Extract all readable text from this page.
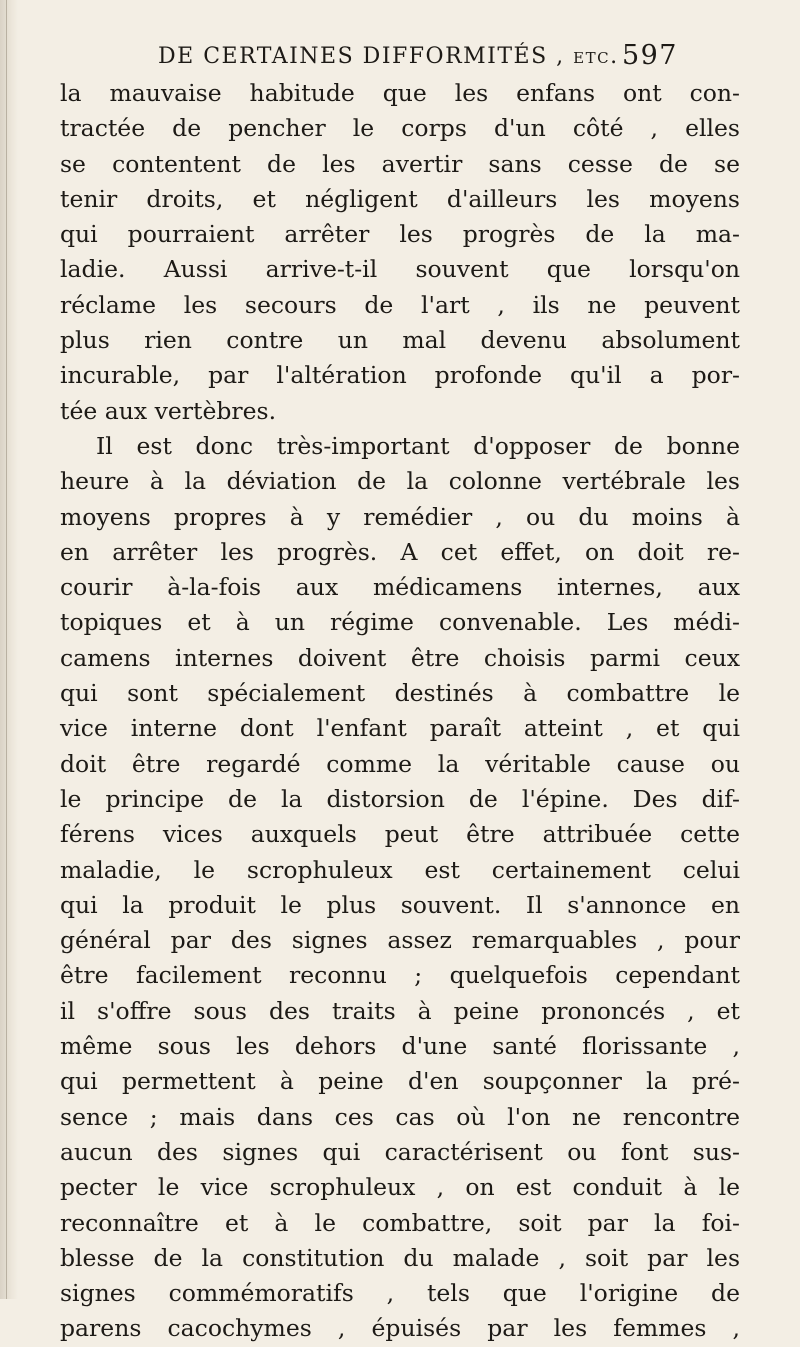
DE CERTAINES DIFFORMITÉS , etc. 597
la mauvaise habitude que les enfans ont con-
tractée de pencher le corps d'un côté , elles
se contentent de les avertir sans cesse de se
tenir droits, et négligent d'ailleurs les moyens
qui pourraient arrêter les progrès de la ma-
ladie. Aussi arrive-t-il souvent que lorsqu'on
réclame les secours de l'art , ils ne peuvent
plus rien contre un mal devenu absolument
incurable, par l'altération profonde qu'il a por-
tée aux vertèbres.
Il est donc très-important d'opposer de bonne
heure à la déviation de la colonne vertébrale les
moyens propres à y remédier , ou du moins à
en arrêter les progrès. A cet effet, on doit re-
courir à-la-fois aux médicamens internes, aux
topiques et à un régime convenable. Les médi-
camens internes doivent être choisis parmi ceux
qui sont spécialement destinés à combattre le
vice interne dont l'enfant paraît atteint , et qui
doit être regardé comme la véritable cause ou
le principe de la distorsion de l'épine. Des dif-
férens vices auxquels peut être attribuée cette
maladie, le scrophuleux est certainement celui
qui la produit le plus souvent. Il s'annonce en
général par des signes assez remarquables , pour
être facilement reconnu ; quelquefois cependant
il s'offre sous des traits à peine prononcés , et
même sous les dehors d'une santé florissante ,
qui permettent à peine d'en soupçonner la pré-
sence ; mais dans ces cas où l'on ne rencontre
aucun des signes qui caractérisent ou font sus-
pecter le vice scrophuleux , on est conduit à le
reconnaître et à le combattre, soit par la foi-
blesse de la constitution du malade , soit par les
signes commémoratifs , tels que l'origine de
parens cacochymes , épuisés par les femmes ,
